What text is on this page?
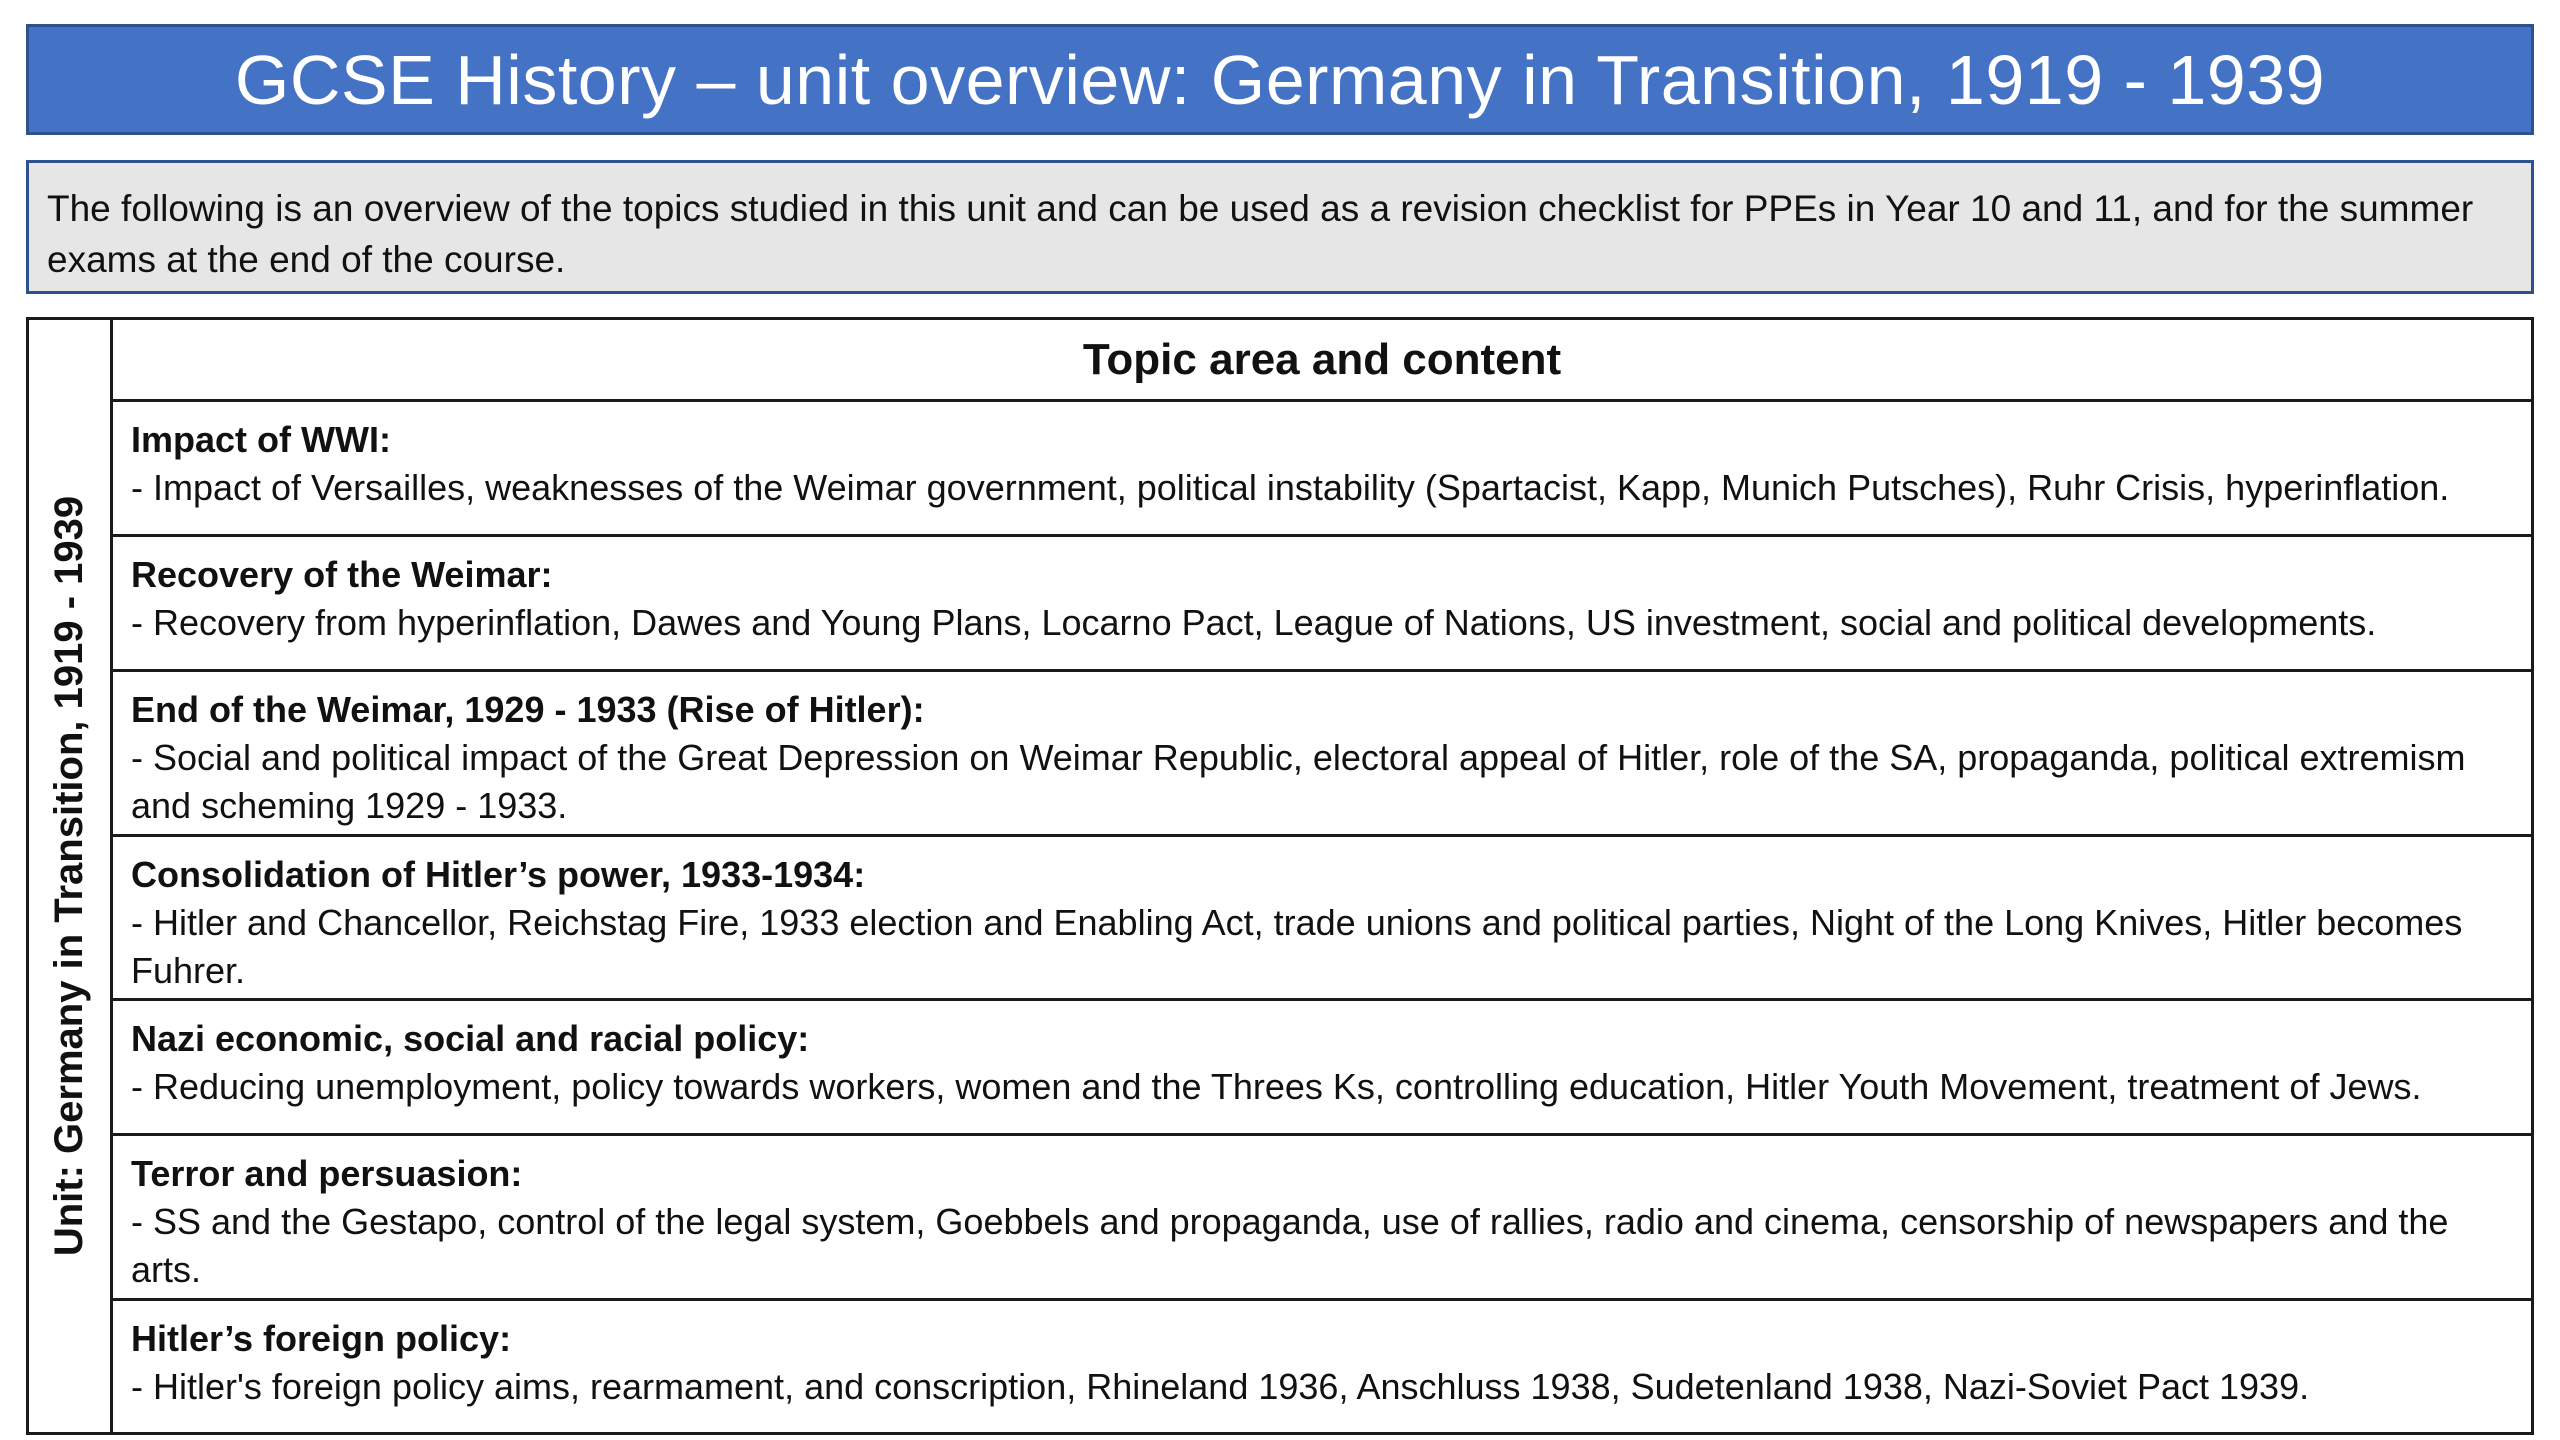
GCSE History – unit overview: Germany in Transition, 1919 - 1939
The following is an overview of the topics studied in this unit and can be used as a revision checklist for PPEs in Year 10 and 11, and for the summer exams at the end of the course.
Unit: Germany in Transition, 1919 - 1939
Topic area and content
Impact of WWI:
- Impact of Versailles, weaknesses of the Weimar government, political instability (Spartacist, Kapp, Munich Putsches), Ruhr Crisis, hyperinflation.
Recovery of the Weimar:
- Recovery from hyperinflation, Dawes and Young Plans, Locarno Pact, League of Nations, US investment, social and political developments.
End of the Weimar, 1929 - 1933 (Rise of Hitler):
- Social and political impact of the Great Depression on Weimar Republic, electoral appeal of Hitler, role of the SA, propaganda, political extremism and scheming 1929 - 1933.
Consolidation of Hitler’s power, 1933-1934:
- Hitler and Chancellor, Reichstag Fire, 1933 election and Enabling Act, trade unions and political parties, Night of the Long Knives, Hitler becomes Fuhrer.
Nazi economic, social and racial policy:
- Reducing unemployment, policy towards workers, women and the Threes Ks, controlling education, Hitler Youth Movement, treatment of Jews.
Terror and persuasion:
- SS and the Gestapo, control of the legal system, Goebbels and propaganda, use of rallies, radio and cinema, censorship of newspapers and the arts.
Hitler’s foreign policy:
- Hitler's foreign policy aims, rearmament, and conscription, Rhineland 1936, Anschluss 1938, Sudetenland 1938, Nazi-Soviet Pact 1939.
